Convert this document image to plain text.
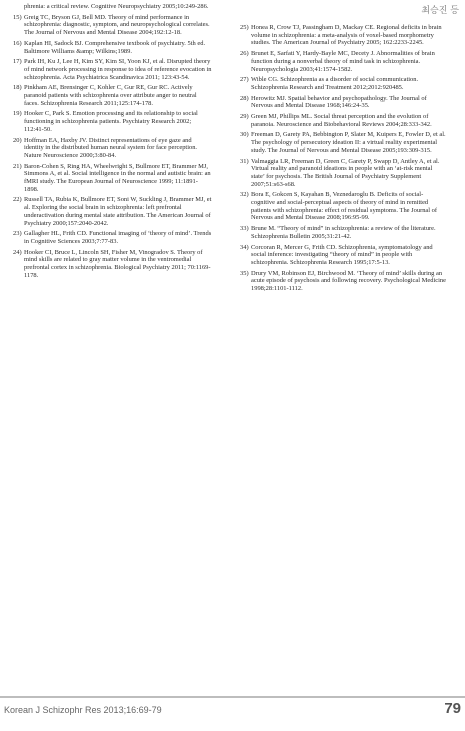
최승진 등
phrenia: a critical review. Cognitive Neuropsychiatry 2005;10:249-286.
15) Greig TC, Bryson GJ, Bell MD. Theory of mind performance in schizophrenia: diagnostic, symptom, and neuropsychological correlates. The Journal of Nervous and Mental Disease 2004;192:12-18.
16) Kaplan HI, Sadock BJ. Comprehensive textbook of psychiatry. 5th ed. Baltimore Williams &amp; Wilkins;1989.
17) Park IH, Ku J, Lee H, Kim SY, Kim SI, Yoon KJ, et al. Disrupted theory of mind network processing in response to idea of reference evocation in schizophrenia. Acta Psychiatrica Scandinavica 2011; 123:43-54.
18) Pinkham AE, Brensinger C, Kohler C, Gur RE, Gur RC. Actively paranoid patients with schizophrenia over attribute anger to neutral faces. Schizophrenia Research 2011;125:174-178.
19) Hooker C, Park S. Emotion processing and its relationship to social functioning in schizophrenia patients. Psychiatry Research 2002; 112:41-50.
20) Hoffman EA, Haxby JV. Distinct representations of eye gaze and identity in the distributed human neural system for face perception. Nature Neuroscience 2000;3:80-84.
21) Baron-Cohen S, Ring HA, Wheelwright S, Bullmore ET, Brammer MJ, Simmons A, et al. Social intelligence in the normal and autistic brain: an fMRI study. The European Journal of Neuroscience 1999; 11:1891-1898.
22) Russell TA, Rubia K, Bullmore ET, Soni W, Suckling J, Brammer MJ, et al. Exploring the social brain in schizophrenia: left prefrontal underactivation during mental state attribution. The American Journal of Psychiatry 2000;157:2040-2042.
23) Gallagher HL, Frith CD. Functional imaging of ‘theory of mind’. Trends in Cognitive Sciences 2003;7:77-83.
24) Hooker CI, Bruce L, Lincoln SH, Fisher M, Vinogradov S. Theory of mind skills are related to gray matter volume in the ventromedial prefrontal cortex in schizophrenia. Biological Psychiatry 2011; 70:1169-1178.
25) Honea R, Crow TJ, Passingham D, Mackay CE. Regional deficits in brain volume in schizophrenia: a meta-analysis of voxel-based morphometry studies. The American Journal of Psychiatry 2005; 162:2233-2245.
26) Brunet E, Sarfati Y, Hardy-Bayle MC, Decety J. Abnormalities of brain function during a nonverbal theory of mind task in schizophrenia. Neuropsychologia 2003;41:1574-1582.
27) Wible CG. Schizophrenia as a disorder of social communication. Schizophrenia Research and Treatment 2012;2012:920485.
28) Herowitz MJ. Spatial behavior and psychopathology. The Journal of Nervous and Mental Disease 1968;146:24-35.
29) Green MJ, Phillips ML. Social threat perception and the evolution of paranoia. Neuroscience and Biobehavioral Reviews 2004;28:333-342.
30) Freeman D, Garety PA, Bebbington P, Slater M, Kuipers E, Fowler D, et al. The psychology of persecutory ideation II: a virtual reality experimental study. The Journal of Nervous and Mental Disease 2005;193:309-315.
31) Valmaggia LR, Freeman D, Green C, Garety P, Swapp D, Antley A, et al. Virtual reality and paranoid ideations in people with an ‘at-risk mental state’ for psychosis. The British Journal of Psychiatry Supplement 2007;51:s63-s68.
32) Bora E, Gokcen S, Kayahan B, Veznedaroglu B. Deficits of social-cognitive and social-perceptual aspects of theory of mind in remitted patients with schizophrenia: effect of residual symptoms. The Journal of Nervous and Mental Disease 2008;196:95-99.
33) Brune M. “Theory of mind” in schizophrenia: a review of the literature. Schizophrenia Bulletin 2005;31:21-42.
34) Corcoran R, Mercer G, Frith CD. Schizophrenia, symptomatology and social inference: investigating “theory of mind” in people with schizophrenia. Schizophrenia Research 1995;17:5-13.
35) Drury VM, Robinson EJ, Birchwood M. ‘Theory of mind’ skills during an acute episode of psychosis and following recovery. Psychological Medicine 1998;28:1101-1112.
Korean J Schizophr Res 2013;16:69-79	79
